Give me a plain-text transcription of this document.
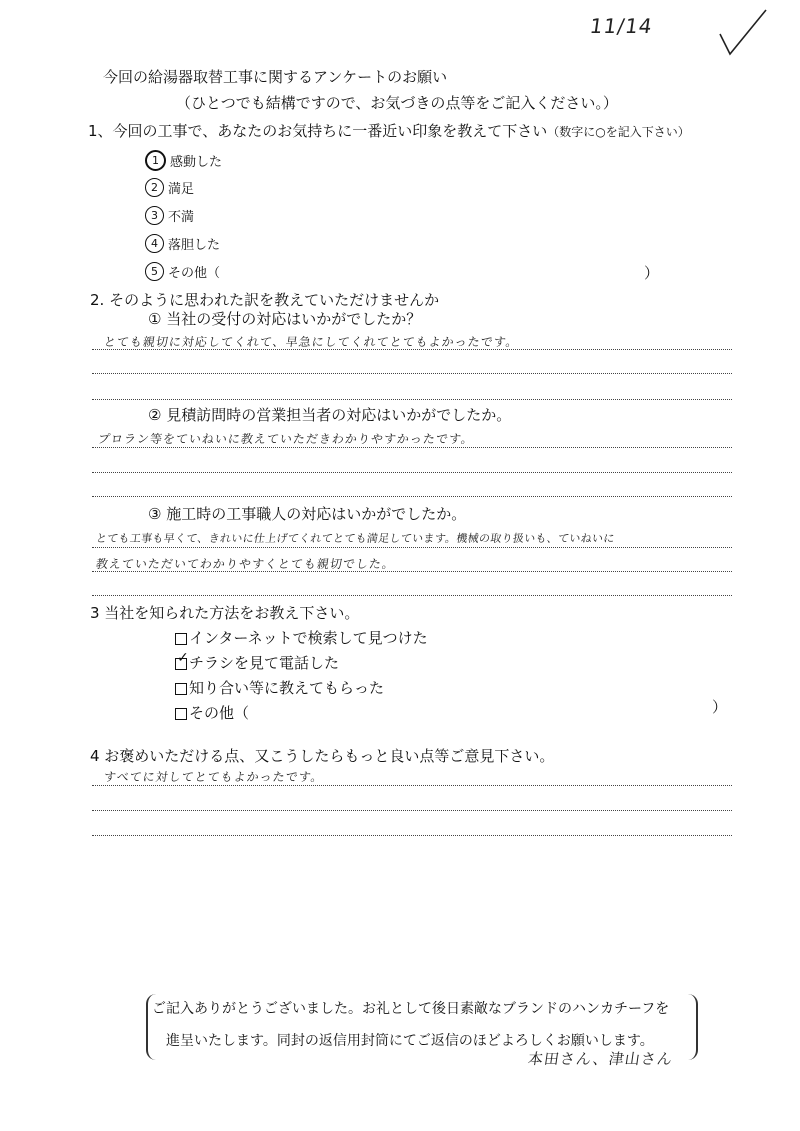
11/14
今回の給湯器取替工事に関するアンケートのお願い
（ひとつでも結構ですので、お気づきの点等をご記入ください。）
1、今回の工事で、あなたのお気持ちに一番近い印象を教えて下さい（数字に○を記入下さい）
1 感動した
2 満足
3 不満
4 落胆した
5 その他（	）
2. そのように思われた訳を教えていただけませんか
① 当社の受付の対応はいかがでしたか？
とても親切に対応してくれて、早急にしてくれてとてもよかったです。
② 見積訪問時の営業担当者の対応はいかがでしたか。
プロラン等をていねいに教えていただきわかりやすかったです。
③ 施工時の工事職人の対応はいかがでしたか。
とても工事も早くて、きれいに仕上げてくれてとても満足しています。機械の取り扱いも、ていねいに
教えていただいてわかりやすくとても親切でした。
3 当社を知られた方法をお教え下さい。
インターネットで検索して見つけた
✓ チラシを見て電話した
知り合い等に教えてもらった
その他（	）
4 お褒めいただける点、又こうしたらもっと良い点等ご意見下さい。
すべてに対してとてもよかったです。
ご記入ありがとうございました。お礼として後日素敵なブランドのハンカチーフを
進呈いたします。同封の返信用封筒にてご返信のほどよろしくお願いします。
本田さん、津山さん
